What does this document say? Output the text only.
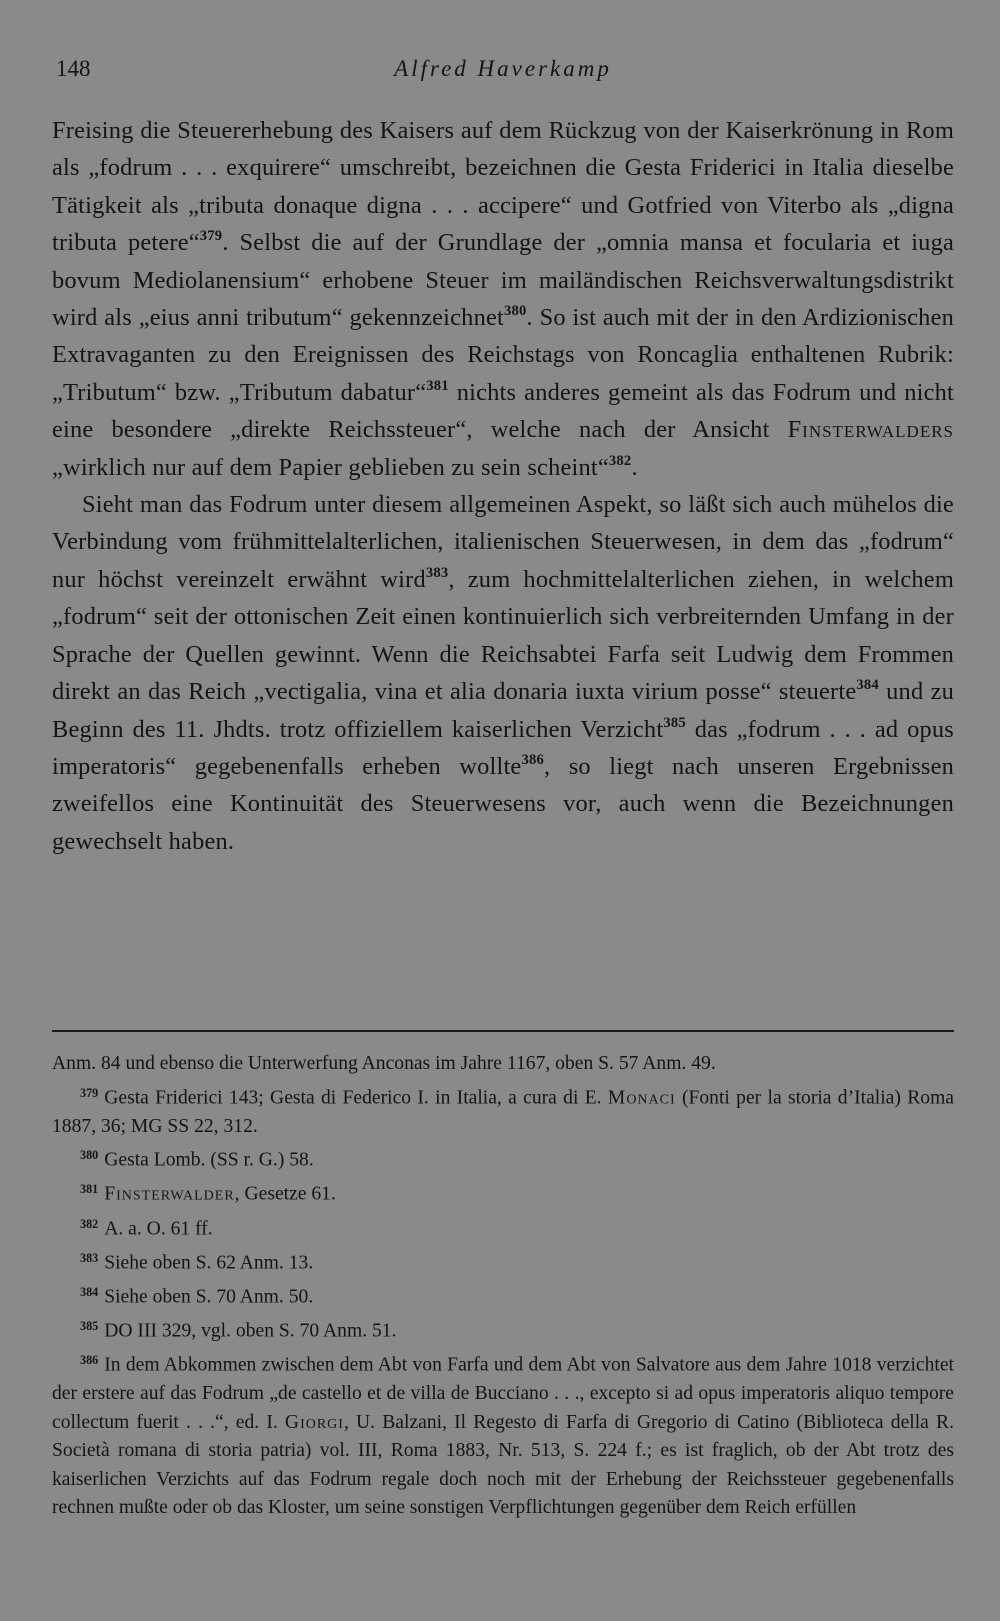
148	Alfred Haverkamp

Freising die Steuererhebung des Kaisers auf dem Rückzug von der Kaiserkrönung in Rom als „fodrum . . . exquirere“ umschreibt, bezeichnen die Gesta Friderici in Italia dieselbe Tätigkeit als „tributa donaque digna . . . accipere“ und Gotfried von Viterbo als „digna tributa petere“$^{379}$. Selbst die auf der Grundlage der „omnia mansa et focularia et iuga bovum Mediolanensium“ erhobene Steuer im mailändischen Reichsverwaltungsdistrikt wird als „eius anni tributum“ gekennzeichnet$^{380}$. So ist auch mit der in den Ardizionischen Extravaganten zu den Ereignissen des Reichstags von Roncaglia enthaltenen Rubrik: „Tributum“ bzw. „Tributum dabatur“$^{381}$ nichts anderes gemeint als das Fodrum und nicht eine besondere „direkte Reichssteuer“, welche nach der Ansicht Finsterwalders „wirklich nur auf dem Papier geblieben zu sein scheint“$^{382}$.

Sieht man das Fodrum unter diesem allgemeinen Aspekt, so läßt sich auch mühelos die Verbindung vom frühmittelalterlichen, italienischen Steuerwesen, in dem das „fodrum“ nur höchst vereinzelt erwähnt wird$^{383}$, zum hochmittelalterlichen ziehen, in welchem „fodrum“ seit der ottonischen Zeit einen kontinuierlich sich verbreiternden Umfang in der Sprache der Quellen gewinnt. Wenn die Reichsabtei Farfa seit Ludwig dem Frommen direkt an das Reich „vectigalia, vina et alia donaria iuxta virium posse“ steuerte$^{384}$ und zu Beginn des 11. Jhdts. trotz offiziellem kaiserlichen Verzicht$^{385}$ das „fodrum . . . ad opus imperatoris“ gegebenenfalls erheben wollte$^{386}$, so liegt nach unseren Ergebnissen zweifellos eine Kontinuität des Steuerwesens vor, auch wenn die Bezeichnungen gewechselt haben.

Anm. 84 und ebenso die Unterwerfung Anconas im Jahre 1167, oben S. 57 Anm. 49.

$^{379}$ Gesta Friderici 143; Gesta di Federico I. in Italia, a cura di E. Monaci (Fonti per la storia d’Italia) Roma 1887, 36; MG SS 22, 312.

$^{380}$ Gesta Lomb. (SS r. G.) 58.

$^{381}$ Finsterwalder, Gesetze 61.

$^{382}$ A. a. O. 61 ff.

$^{383}$ Siehe oben S. 62 Anm. 13.

$^{384}$ Siehe oben S. 70 Anm. 50.

$^{385}$ DO III 329, vgl. oben S. 70 Anm. 51.

$^{386}$ In dem Abkommen zwischen dem Abt von Farfa und dem Abt von Salvatore aus dem Jahre 1018 verzichtet der erstere auf das Fodrum „de castello et de villa de Bucciano . . ., excepto si ad opus imperatoris aliquo tempore collectum fuerit . . .“, ed. I. Giorgi, U. Balzani, Il Regesto di Farfa di Gregorio di Catino (Biblioteca della R. Società romana di storia patria) vol. III, Roma 1883, Nr. 513, S. 224 f.; es ist fraglich, ob der Abt trotz des kaiserlichen Verzichts auf das Fodrum regale doch noch mit der Erhebung der Reichssteuer gegebenenfalls rechnen mußte oder ob das Kloster, um seine sonstigen Verpflichtungen gegenüber dem Reich erfüllen
